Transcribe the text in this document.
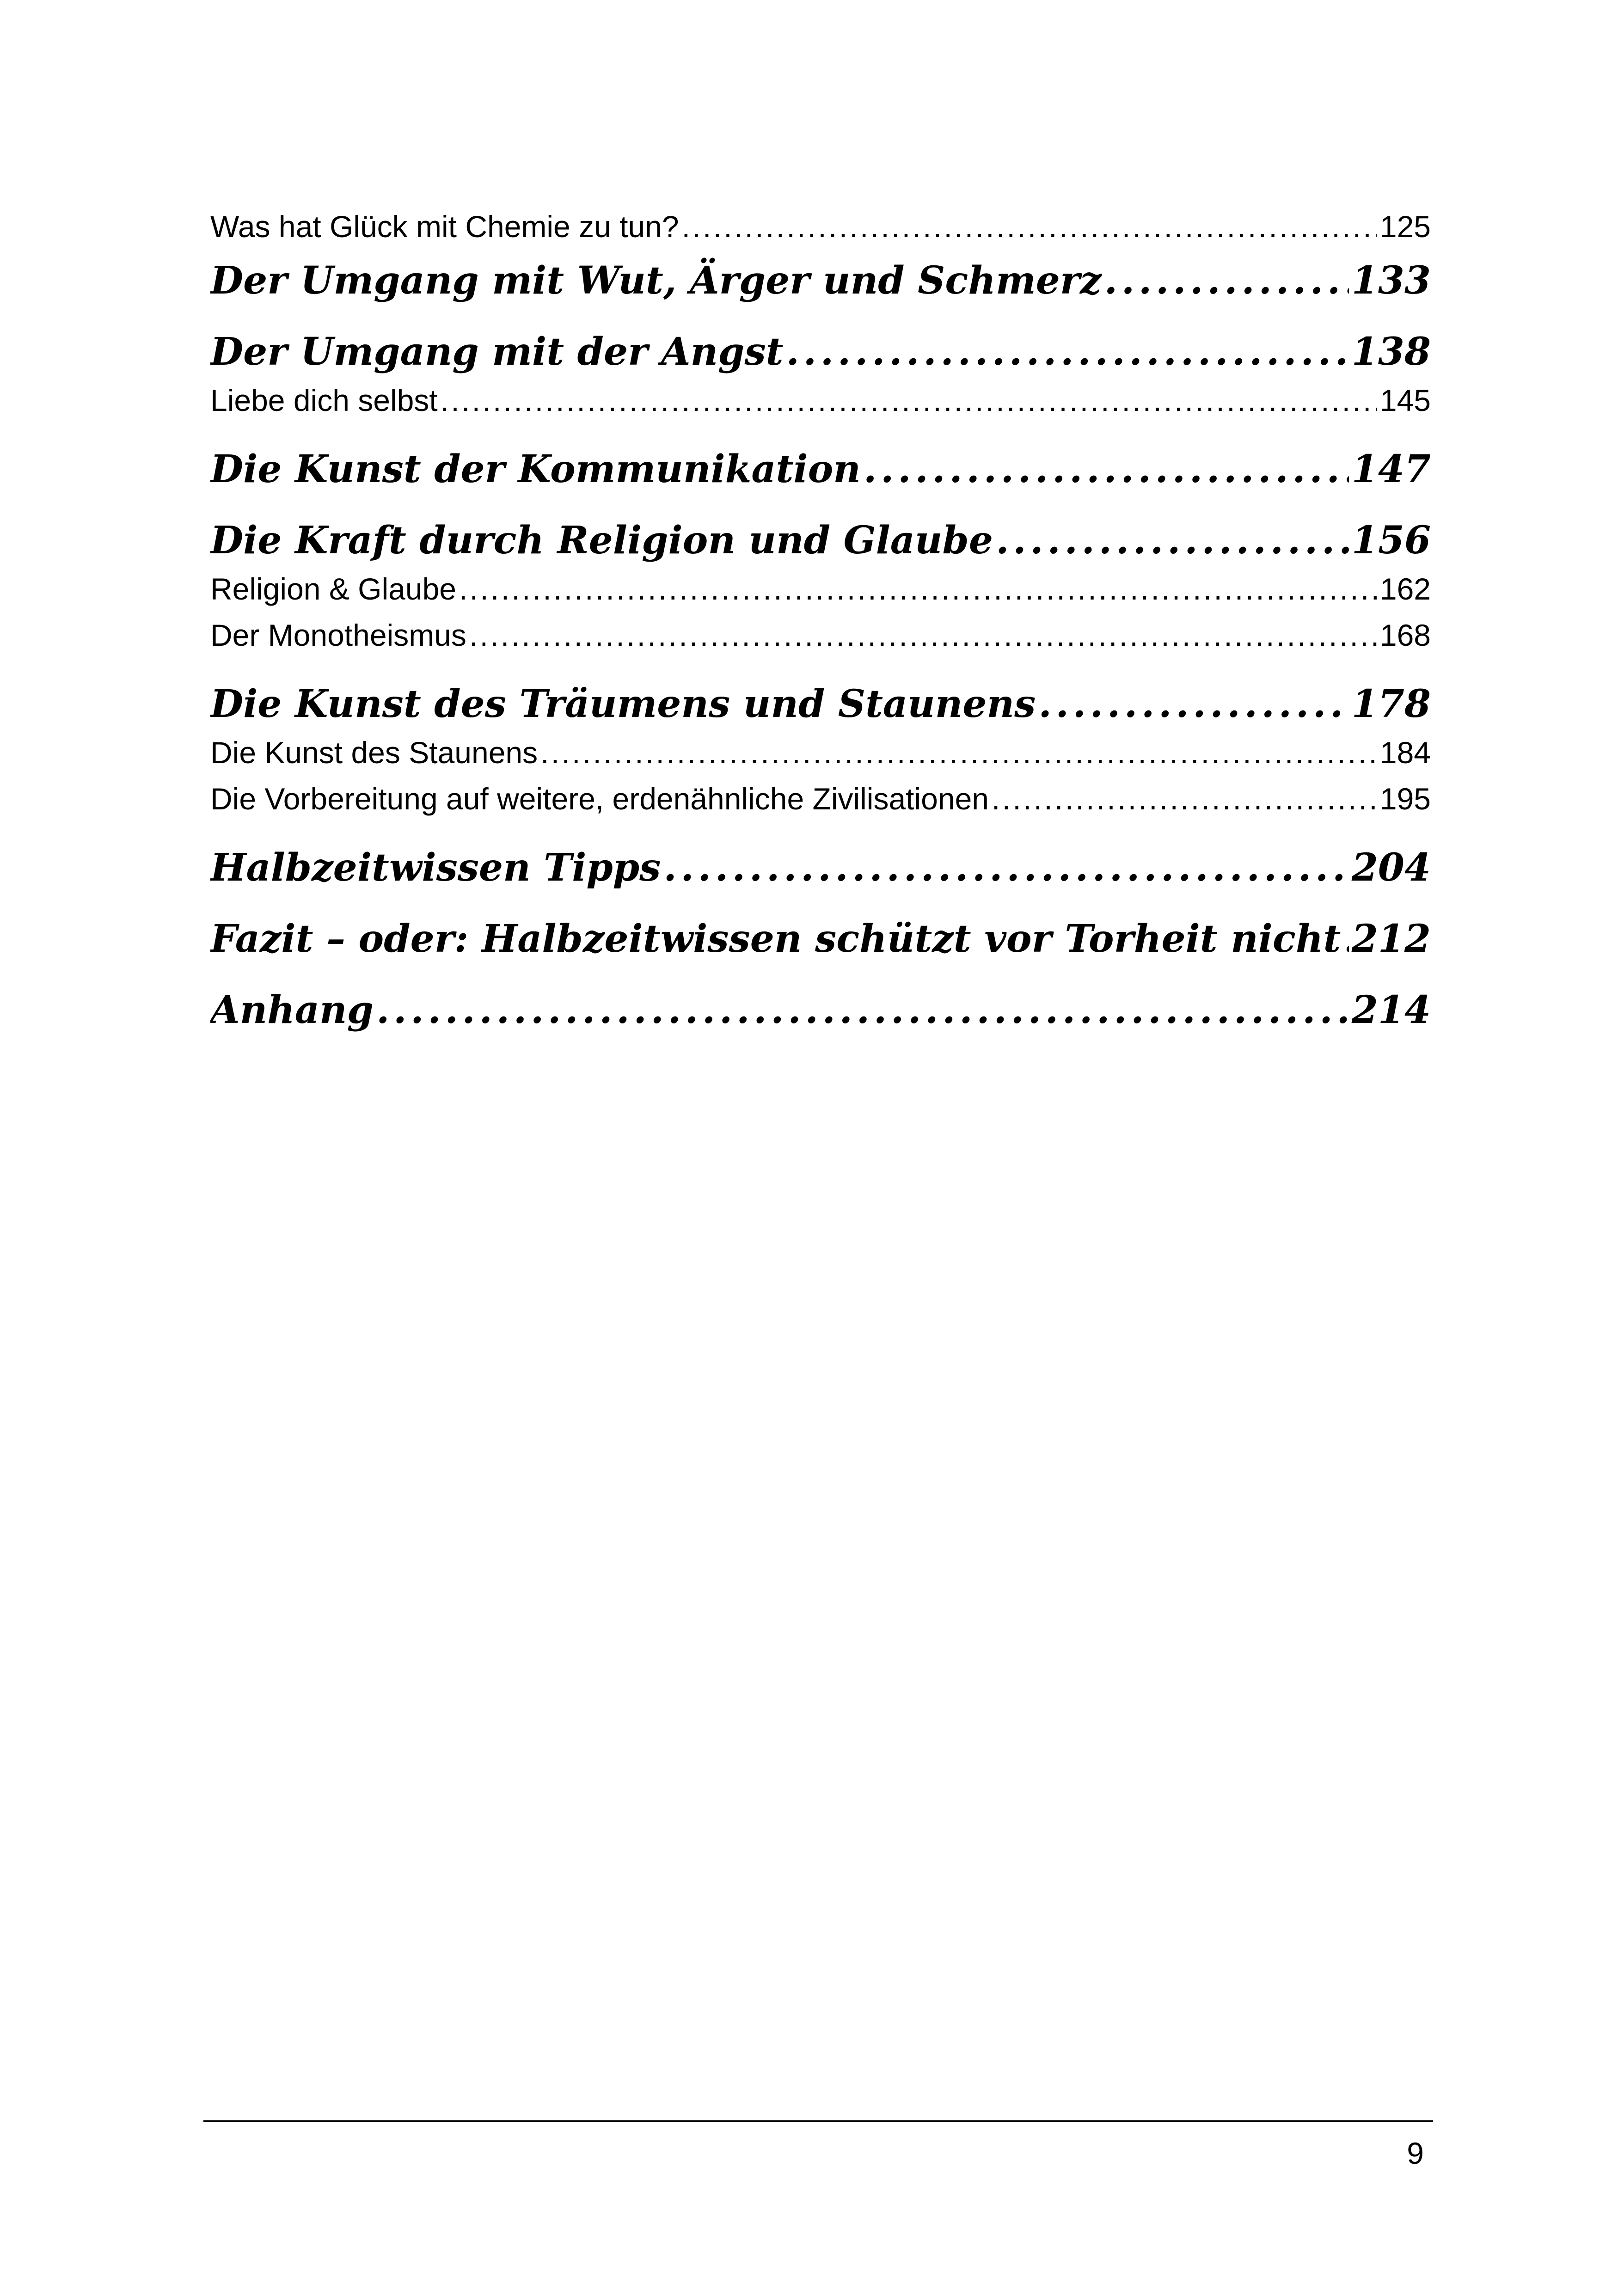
Was hat Glück mit Chemie zu tun? . . .	125
Der Umgang mit Wut, Ärger und Schmerz . . .	133
Der Umgang mit der Angst . . .	138
Liebe dich selbst . . .	145
Die Kunst der Kommunikation . . .	147
Die Kraft durch Religion und Glaube . . .	156
Religion & Glaube . . .	162
Der Monotheismus . . .	168
Die Kunst des Träumens und Staunens . . .	178
Die Kunst des Staunens . . .	184
Die Vorbereitung auf weitere, erdenähnliche Zivilisationen . . .	195
Halbzeitwissen Tipps . . .	204
Fazit – oder: Halbzeitwissen schützt vor Torheit nicht . . . 212
Anhang . . .	214
9
